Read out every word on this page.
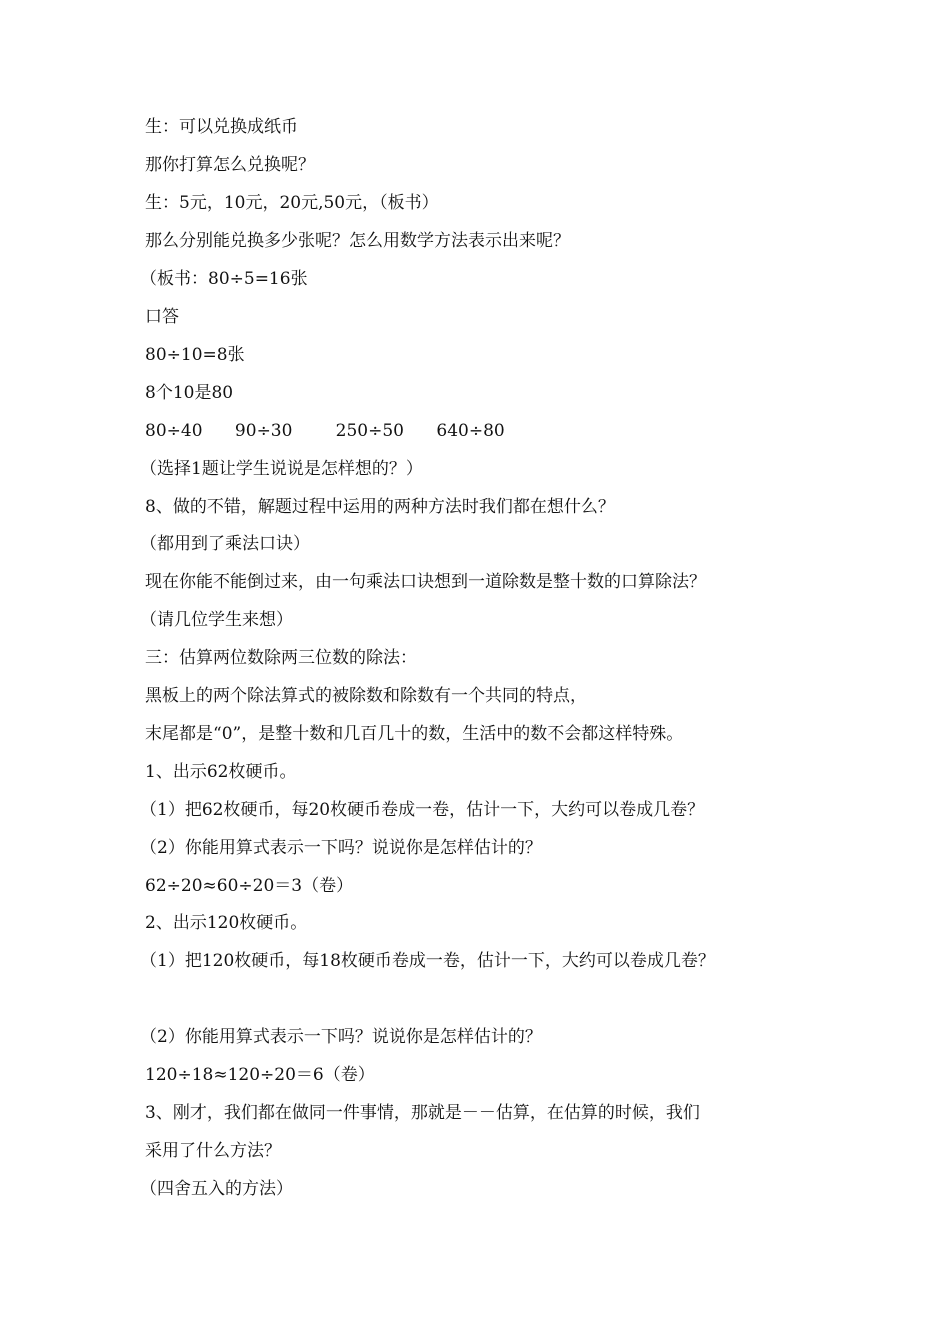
生：可以兑换成纸币
那你打算怎么兑换呢？
生：5元，10元，20元,50元，（板书）
那么分别能兑换多少张呢？怎么用数学方法表示出来呢？
（板书：80÷5=16张
口答
80÷10=8张
8个10是80
80÷40      90÷30        250÷50      640÷80
（选择1题让学生说说是怎样想的？）
8、做的不错，解题过程中运用的两种方法时我们都在想什么？
（都用到了乘法口诀）
现在你能不能倒过来，由一句乘法口诀想到一道除数是整十数的口算除法？
（请几位学生来想）
三：估算两位数除两三位数的除法：
黑板上的两个除法算式的被除数和除数有一个共同的特点，
末尾都是“0”，是整十数和几百几十的数，生活中的数不会都这样特殊。
1、出示62枚硬币。
（1）把62枚硬币，每20枚硬币卷成一卷，估计一下，大约可以卷成几卷？
（2）你能用算式表示一下吗？说说你是怎样估计的？
62÷20≈60÷20＝3（卷）
2、出示120枚硬币。
（1）把120枚硬币，每18枚硬币卷成一卷，估计一下，大约可以卷成几卷？
（2）你能用算式表示一下吗？说说你是怎样估计的？
120÷18≈120÷20＝6（卷）
3、刚才，我们都在做同一件事情，那就是－－估算，在估算的时候，我们
采用了什么方法？
（四舍五入的方法）
